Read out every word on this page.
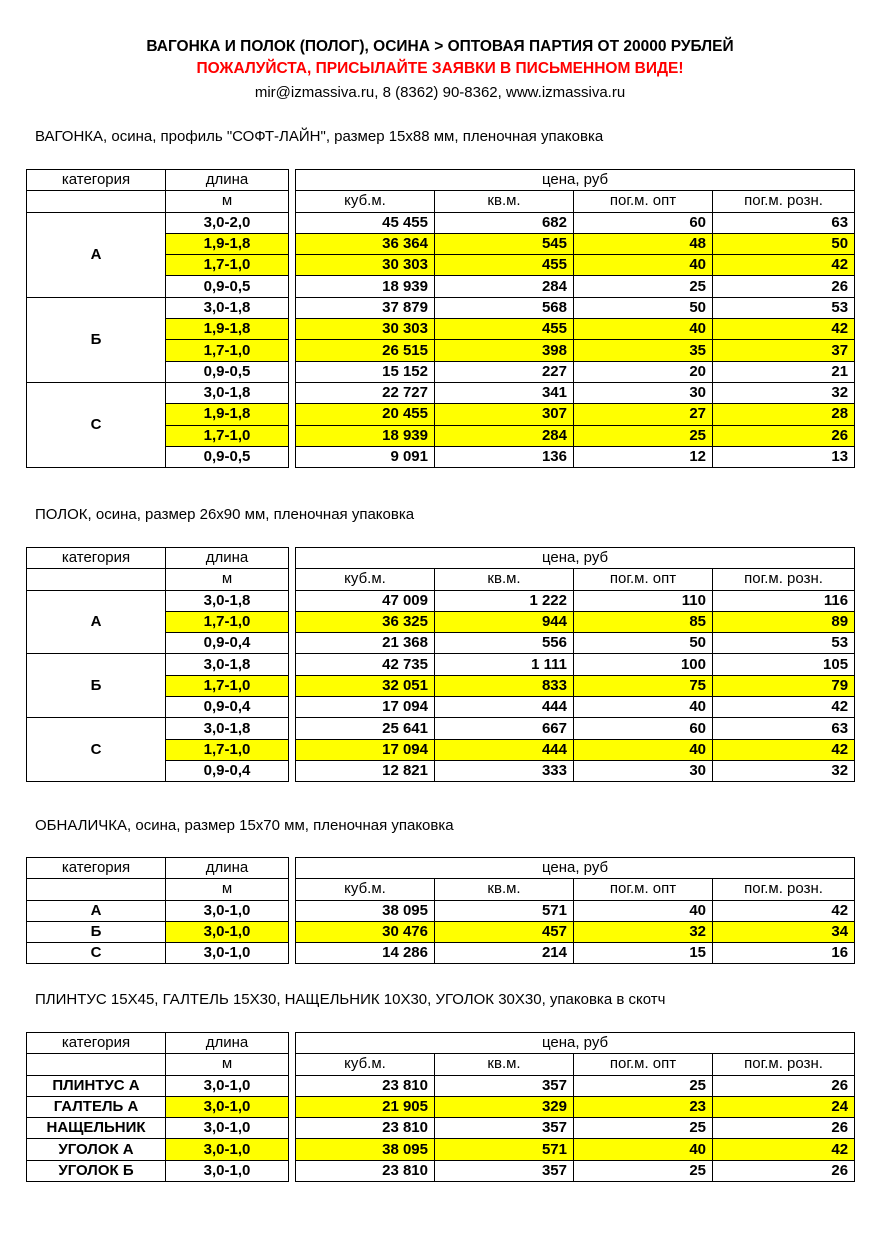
ВАГОНКА И ПОЛОК (ПОЛОГ), ОСИНА > ОПТОВАЯ ПАРТИЯ ОТ 20000 РУБЛЕЙ
ПОЖАЛУЙСТА, ПРИСЫЛАЙТЕ ЗАЯВКИ В ПИСЬМЕННОМ ВИДЕ!
mir@izmassiva.ru, 8 (8362) 90-8362, www.izmassiva.ru
ВАГОНКА, осина, профиль "СОФТ-ЛАЙН", размер 15х88 мм, пленочная упаковка
категория	длина		цена, руб			
	м		куб.м.	кв.м.	пог.м. опт	пог.м. розн.
А	3,0-2,0		45 455	682	60	63
	1,9-1,8		36 364	545	48	50
	1,7-1,0		30 303	455	40	42
	0,9-0,5		18 939	284	25	26
Б	3,0-1,8		37 879	568	50	53
	1,9-1,8		30 303	455	40	42
	1,7-1,0		26 515	398	35	37
	0,9-0,5		15 152	227	20	21
С	3,0-1,8		22 727	341	30	32
	1,9-1,8		20 455	307	27	28
	1,7-1,0		18 939	284	25	26
	0,9-0,5		9 091	136	12	13
ПОЛОК, осина, размер 26х90 мм, пленочная упаковка
категория	длина		цена, руб			
	м		куб.м.	кв.м.	пог.м. опт	пог.м. розн.
А	3,0-1,8		47 009	1 222	110	116
	1,7-1,0		36 325	944	85	89
	0,9-0,4		21 368	556	50	53
Б	3,0-1,8		42 735	1 111	100	105
	1,7-1,0		32 051	833	75	79
	0,9-0,4		17 094	444	40	42
С	3,0-1,8		25 641	667	60	63
	1,7-1,0		17 094	444	40	42
	0,9-0,4		12 821	333	30	32
ОБНАЛИЧКА, осина, размер 15х70 мм, пленочная упаковка
категория	длина		цена, руб			
	м		куб.м.	кв.м.	пог.м. опт	пог.м. розн.
А	3,0-1,0		38 095	571	40	42
Б	3,0-1,0		30 476	457	32	34
С	3,0-1,0		14 286	214	15	16
ПЛИНТУС 15Х45, ГАЛТЕЛЬ 15Х30, НАЩЕЛЬНИК 10Х30, УГОЛОК 30Х30, упаковка в скотч
категория	длина		цена, руб			
	м		куб.м.	кв.м.	пог.м. опт	пог.м. розн.
ПЛИНТУС А	3,0-1,0		23 810	357	25	26
ГАЛТЕЛЬ А	3,0-1,0		21 905	329	23	24
НАЩЕЛЬНИК	3,0-1,0		23 810	357	25	26
УГОЛОК А	3,0-1,0		38 095	571	40	42
УГОЛОК Б	3,0-1,0		23 810	357	25	26
